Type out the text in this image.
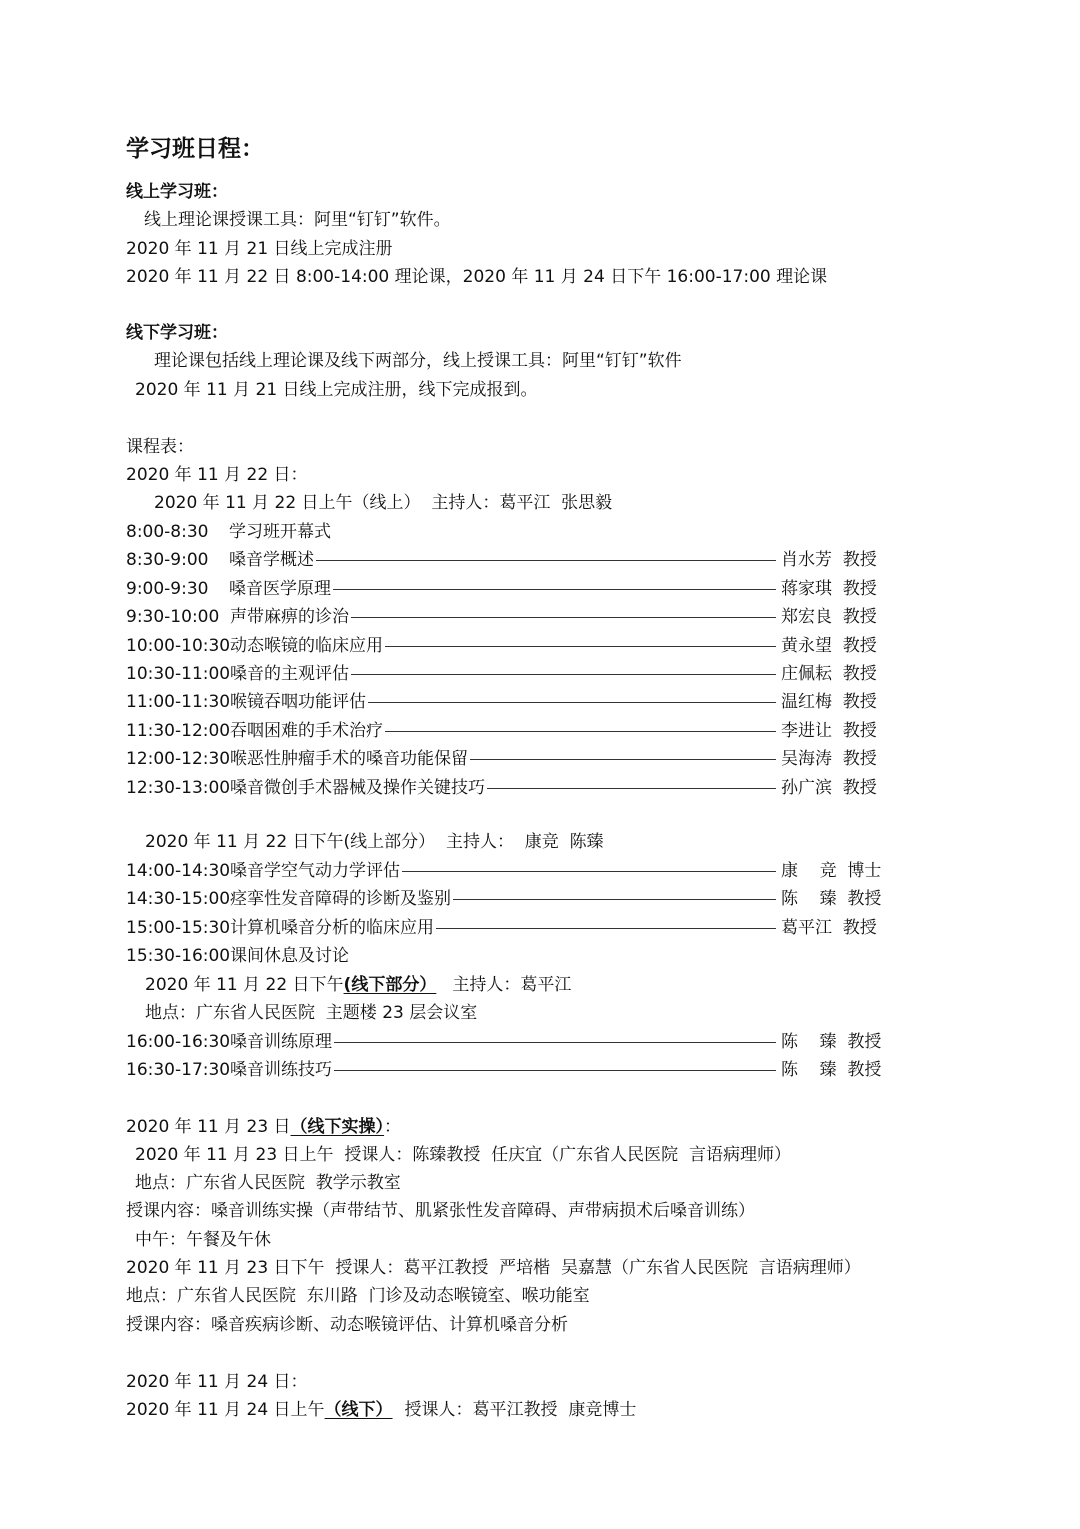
学习班日程：
线上学习班：
线上理论课授课工具：阿里“钉钉”软件。
2020 年 11 月 21 日线上完成注册
2020 年 11 月 22 日 8:00-14:00 理论课，2020 年 11 月 24 日下午 16:00-17:00 理论课
线下学习班：
理论课包括线上理论课及线下两部分，线上授课工具：阿里“钉钉”软件
2020 年 11 月 21 日线上完成注册，线下完成报到。
课程表：
2020 年 11 月 22 日：
2020 年 11 月 22 日上午（线上）  主持人：葛平江  张思毅
8:00-8:30 学习班开幕式
8:30-9:00 嗓音学概述	肖水芳  教授
9:00-9:30 嗓音医学原理	蒋家琪  教授
9:30-10:00 声带麻痹的诊治	郑宏良  教授
10:00-10:30 动态喉镜的临床应用	黄永望  教授
10:30-11:00 嗓音的主观评估	庄佩耘  教授
11:00-11:30 喉镜吞咽功能评估	温红梅  教授
11:30-12:00 吞咽困难的手术治疗	李进让  教授
12:00-12:30 喉恶性肿瘤手术的嗓音功能保留	吴海涛  教授
12:30-13:00 嗓音微创手术器械及操作关键技巧	孙广滨  教授
2020 年 11 月 22 日下午(线上部分）  主持人：  康竞  陈臻
14:00-14:30 嗓音学空气动力学评估	康    竞  博士
14:30-15:00 痉挛性发音障碍的诊断及鉴别	陈    臻  教授
15:00-15:30 计算机嗓音分析的临床应用	葛平江  教授
15:30-16:00 课间休息及讨论
2020 年 11 月 22 日下午(线下部分） 主持人：葛平江
地点：广东省人民医院  主题楼 23 层会议室
16:00-16:30 嗓音训练原理	陈    臻  教授
16:30-17:30 嗓音训练技巧	陈    臻  教授
2020 年 11 月 23 日（线下实操）：
2020 年 11 月 23 日上午  授课人：陈臻教授  任庆宜（广东省人民医院  言语病理师）
地点：广东省人民医院  教学示教室
授课内容：嗓音训练实操（声带结节、肌紧张性发音障碍、声带病损术后嗓音训练）
中午：午餐及午休
2020 年 11 月 23 日下午  授课人：葛平江教授  严培楷  吴嘉慧（广东省人民医院  言语病理师）
地点：广东省人民医院  东川路  门诊及动态喉镜室、喉功能室
授课内容：嗓音疾病诊断、动态喉镜评估、计算机嗓音分析
2020 年 11 月 24 日：
2020 年 11 月 24 日上午（线下） 授课人：葛平江教授  康竞博士
